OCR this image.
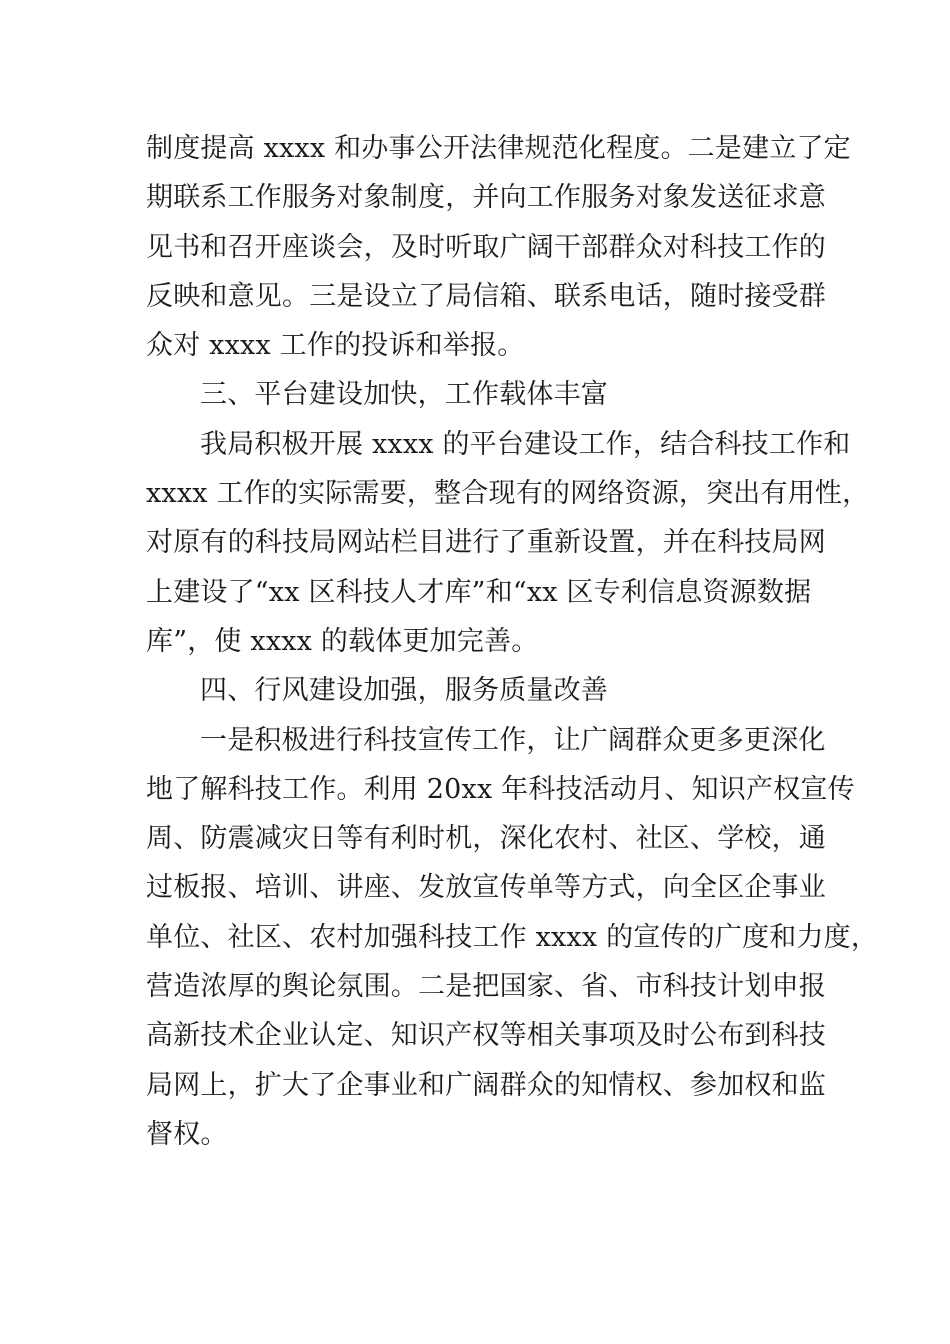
制度提高 xxxx 和办事公开法律规范化程度。二是建立了定
期联系工作服务对象制度，并向工作服务对象发送征求意
见书和召开座谈会，及时听取广阔干部群众对科技工作的
反映和意见。三是设立了局信箱、联系电话，随时接受群
众对 xxxx 工作的投诉和举报。
三、平台建设加快，工作载体丰富
我局积极开展 xxxx 的平台建设工作，结合科技工作和
xxxx 工作的实际需要，整合现有的网络资源，突出有用性，
对原有的科技局网站栏目进行了重新设置，并在科技局网
上建设了“xx 区科技人才库”和“xx 区专利信息资源数据
库”，使 xxxx 的载体更加完善。
四、行风建设加强，服务质量改善
一是积极进行科技宣传工作，让广阔群众更多更深化
地了解科技工作。利用 20xx 年科技活动月、知识产权宣传
周、防震减灾日等有利时机，深化农村、社区、学校，通
过板报、培训、讲座、发放宣传单等方式，向全区企事业
单位、社区、农村加强科技工作 xxxx 的宣传的广度和力度，
营造浓厚的舆论氛围。二是把国家、省、市科技计划申报
高新技术企业认定、知识产权等相关事项及时公布到科技
局网上，扩大了企事业和广阔群众的知情权、参加权和监
督权。
